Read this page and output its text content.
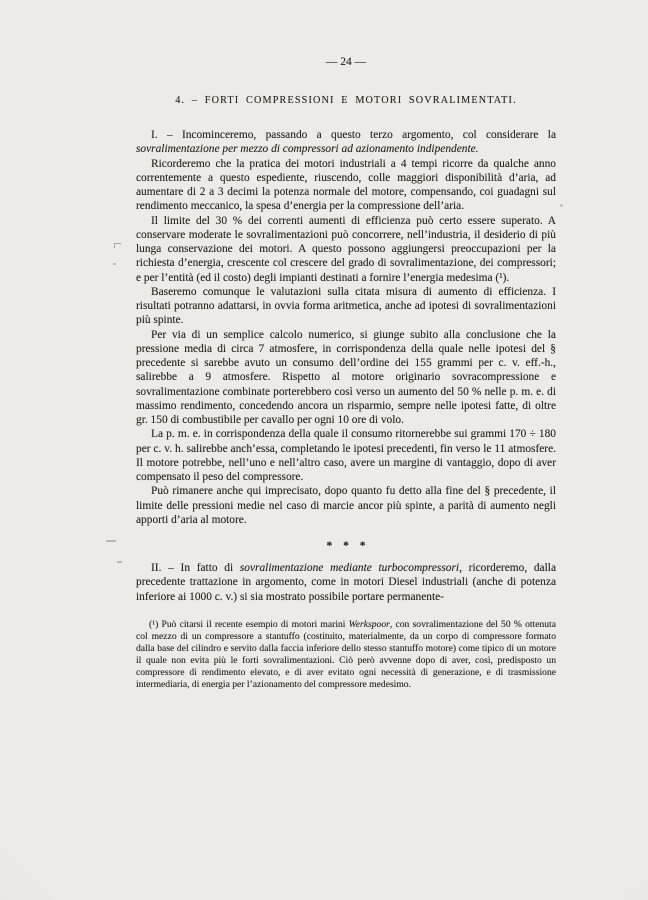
— 24 —
4. – FORTI COMPRESSIONI E MOTORI SOVRALIMENTATI.

I. – Incominceremo, passando a questo terzo argomento, col considerare la sovralimentazione per mezzo di compressori ad azionamento indipendente.

Ricorderemo che la pratica dei motori industriali a 4 tempi ricorre da qualche anno correntemente a questo espediente, riuscendo, colle maggiori disponibilità d’aria, ad aumentare di 2 a 3 decimi la potenza normale del motore, compensando, coi guadagni sul rendimento meccanico, la spesa d’energia per la compressione dell’aria.

Il limite del 30 % dei correnti aumenti di efficienza può certo essere superato. A conservare moderate le sovralimentazioni può concorrere, nell’industria, il desiderio di più lunga conservazione dei motori. A questo possono aggiungersi preoccupazioni per la richiesta d’energia, crescente col crescere del grado di sovralimentazione, dei compressori; e per l’entità (ed il costo) degli impianti destinati a fornire l’energia medesima (¹).

Baseremo comunque le valutazioni sulla citata misura di aumento di efficienza. I risultati potranno adattarsi, in ovvia forma aritmetica, anche ad ipotesi di sovralimentazioni più spinte.

Per via di un semplice calcolo numerico, si giunge subito alla conclusione che la pressione media di circa 7 atmosfere, in corrispondenza della quale nelle ipotesi del § precedente si sarebbe avuto un consumo dell’ordine dei 155 grammi per c. v. eff.-h., salirebbe a 9 atmosfere. Rispetto al motore originario sovracompressione e sovralimentazione combinate porterebbero così verso un aumento del 50 % nelle p. m. e. di massimo rendimento, concedendo ancora un risparmio, sempre nelle ipotesi fatte, di oltre gr. 150 di combustibile per cavallo per ogni 10 ore di volo.

La p. m. e. in corrispondenza della quale il consumo ritornerebbe sui grammi 170 ÷ 180 per c. v. h. salirebbe anch’essa, completando le ipotesi precedenti, fin verso le 11 atmosfere. Il motore potrebbe, nell’uno e nell’altro caso, avere un margine di vantaggio, dopo di aver compensato il peso del compressore.

Può rimanere anche qui imprecisato, dopo quanto fu detto alla fine del § precedente, il limite delle pressioni medie nel caso di marcie ancor più spinte, a parità di aumento negli apporti d’aria al motore.

* * *

II. – In fatto di sovralimentazione mediante turbocompressori, ricorderemo, dalla precedente trattazione in argomento, come in motori Diesel industriali (anche di potenza inferiore ai 1000 c. v.) si sia mostrato possibile portare permanente-

(¹) Può citarsi il recente esempio di motori marini Werkspoor, con sovralimentazione del 50 % ottenuta col mezzo di un compressore a stantuffo (costituito, materialmente, da un corpo di compressore formato dalla base del cilindro e servito dalla faccia inferiore dello stesso stantuffo motore) come tipico di un motore il quale non evita più le forti sovralimentazioni. Ciò però avvenne dopo di aver, così, predisposto un compressore di rendimento elevato, e di aver evitato ogni necessità di generazione, e di trasmissione intermediaria, di energia per l’azionamento del compressore medesimo.
